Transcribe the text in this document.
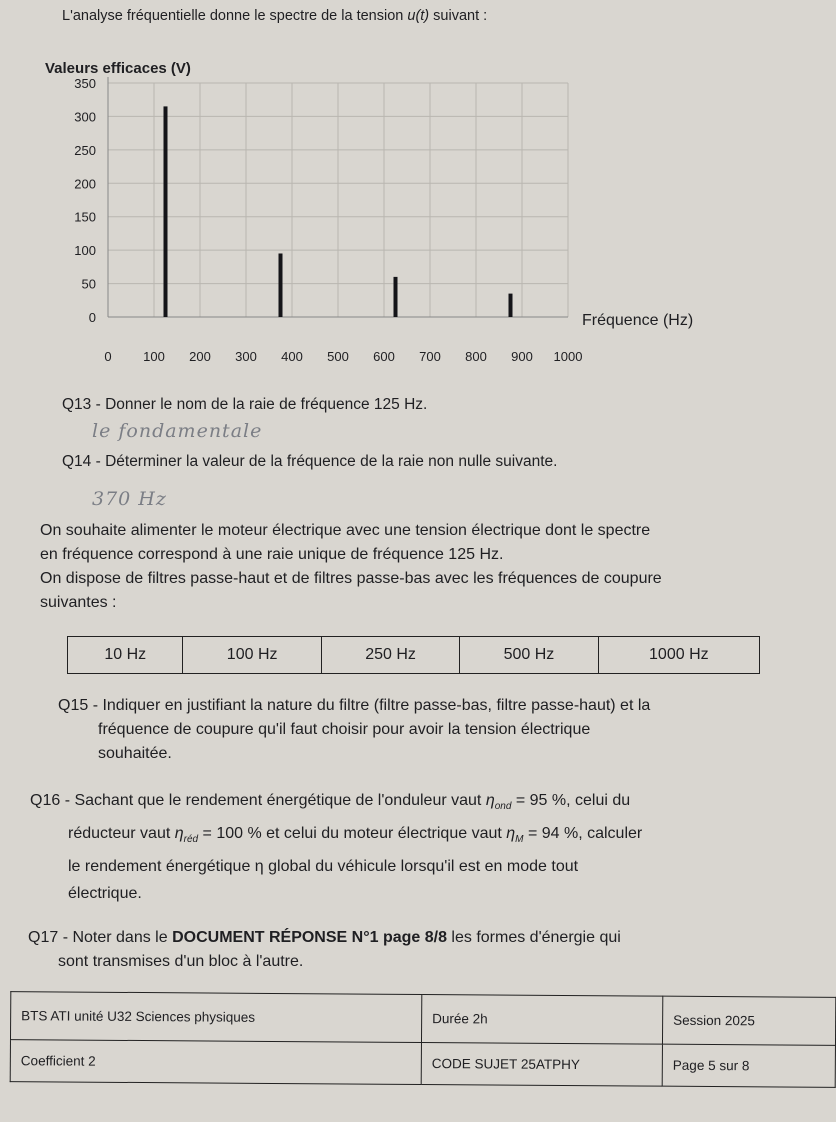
L'analyse fréquentielle donne le spectre de la tension u(t) suivant :
Valeurs efficaces (V)
350
300
250
200
150
100
50
0
0 100 200 300 400 500 600 700 800 900 1000
Fréquence (Hz)
Q13 - Donner le nom de la raie de fréquence 125 Hz.
le fondamentale
Q14 - Déterminer la valeur de la fréquence de la raie non nulle suivante.
370 Hz
On souhaite alimenter le moteur électrique avec une tension électrique dont le spectre
en fréquence correspond à une raie unique de fréquence 125 Hz.
On dispose de filtres passe-haut et de filtres passe-bas avec les fréquences de coupure
suivantes :
10 Hz	100 Hz	250 Hz	500 Hz	1000 Hz
Q15 - Indiquer en justifiant la nature du filtre (filtre passe-bas, filtre passe-haut) et la
fréquence de coupure qu'il faut choisir pour avoir la tension électrique
souhaitée.
Q16 - Sachant que le rendement énergétique de l'onduleur vaut $\eta_{ond} = 95$ %, celui du
réducteur vaut $\eta_{réd} = 100$ % et celui du moteur électrique vaut $\eta_M = 94$ %, calculer
le rendement énergétique η global du véhicule lorsqu'il est en mode tout
électrique.
Q17 - Noter dans le DOCUMENT RÉPONSE N°1 page 8/8 les formes d'énergie qui
sont transmises d'un bloc à l'autre.
BTS ATI unité U32 Sciences physiques	Durée 2h	Session 2025
Coefficient 2	CODE SUJET 25ATPHY	Page 5 sur 8
